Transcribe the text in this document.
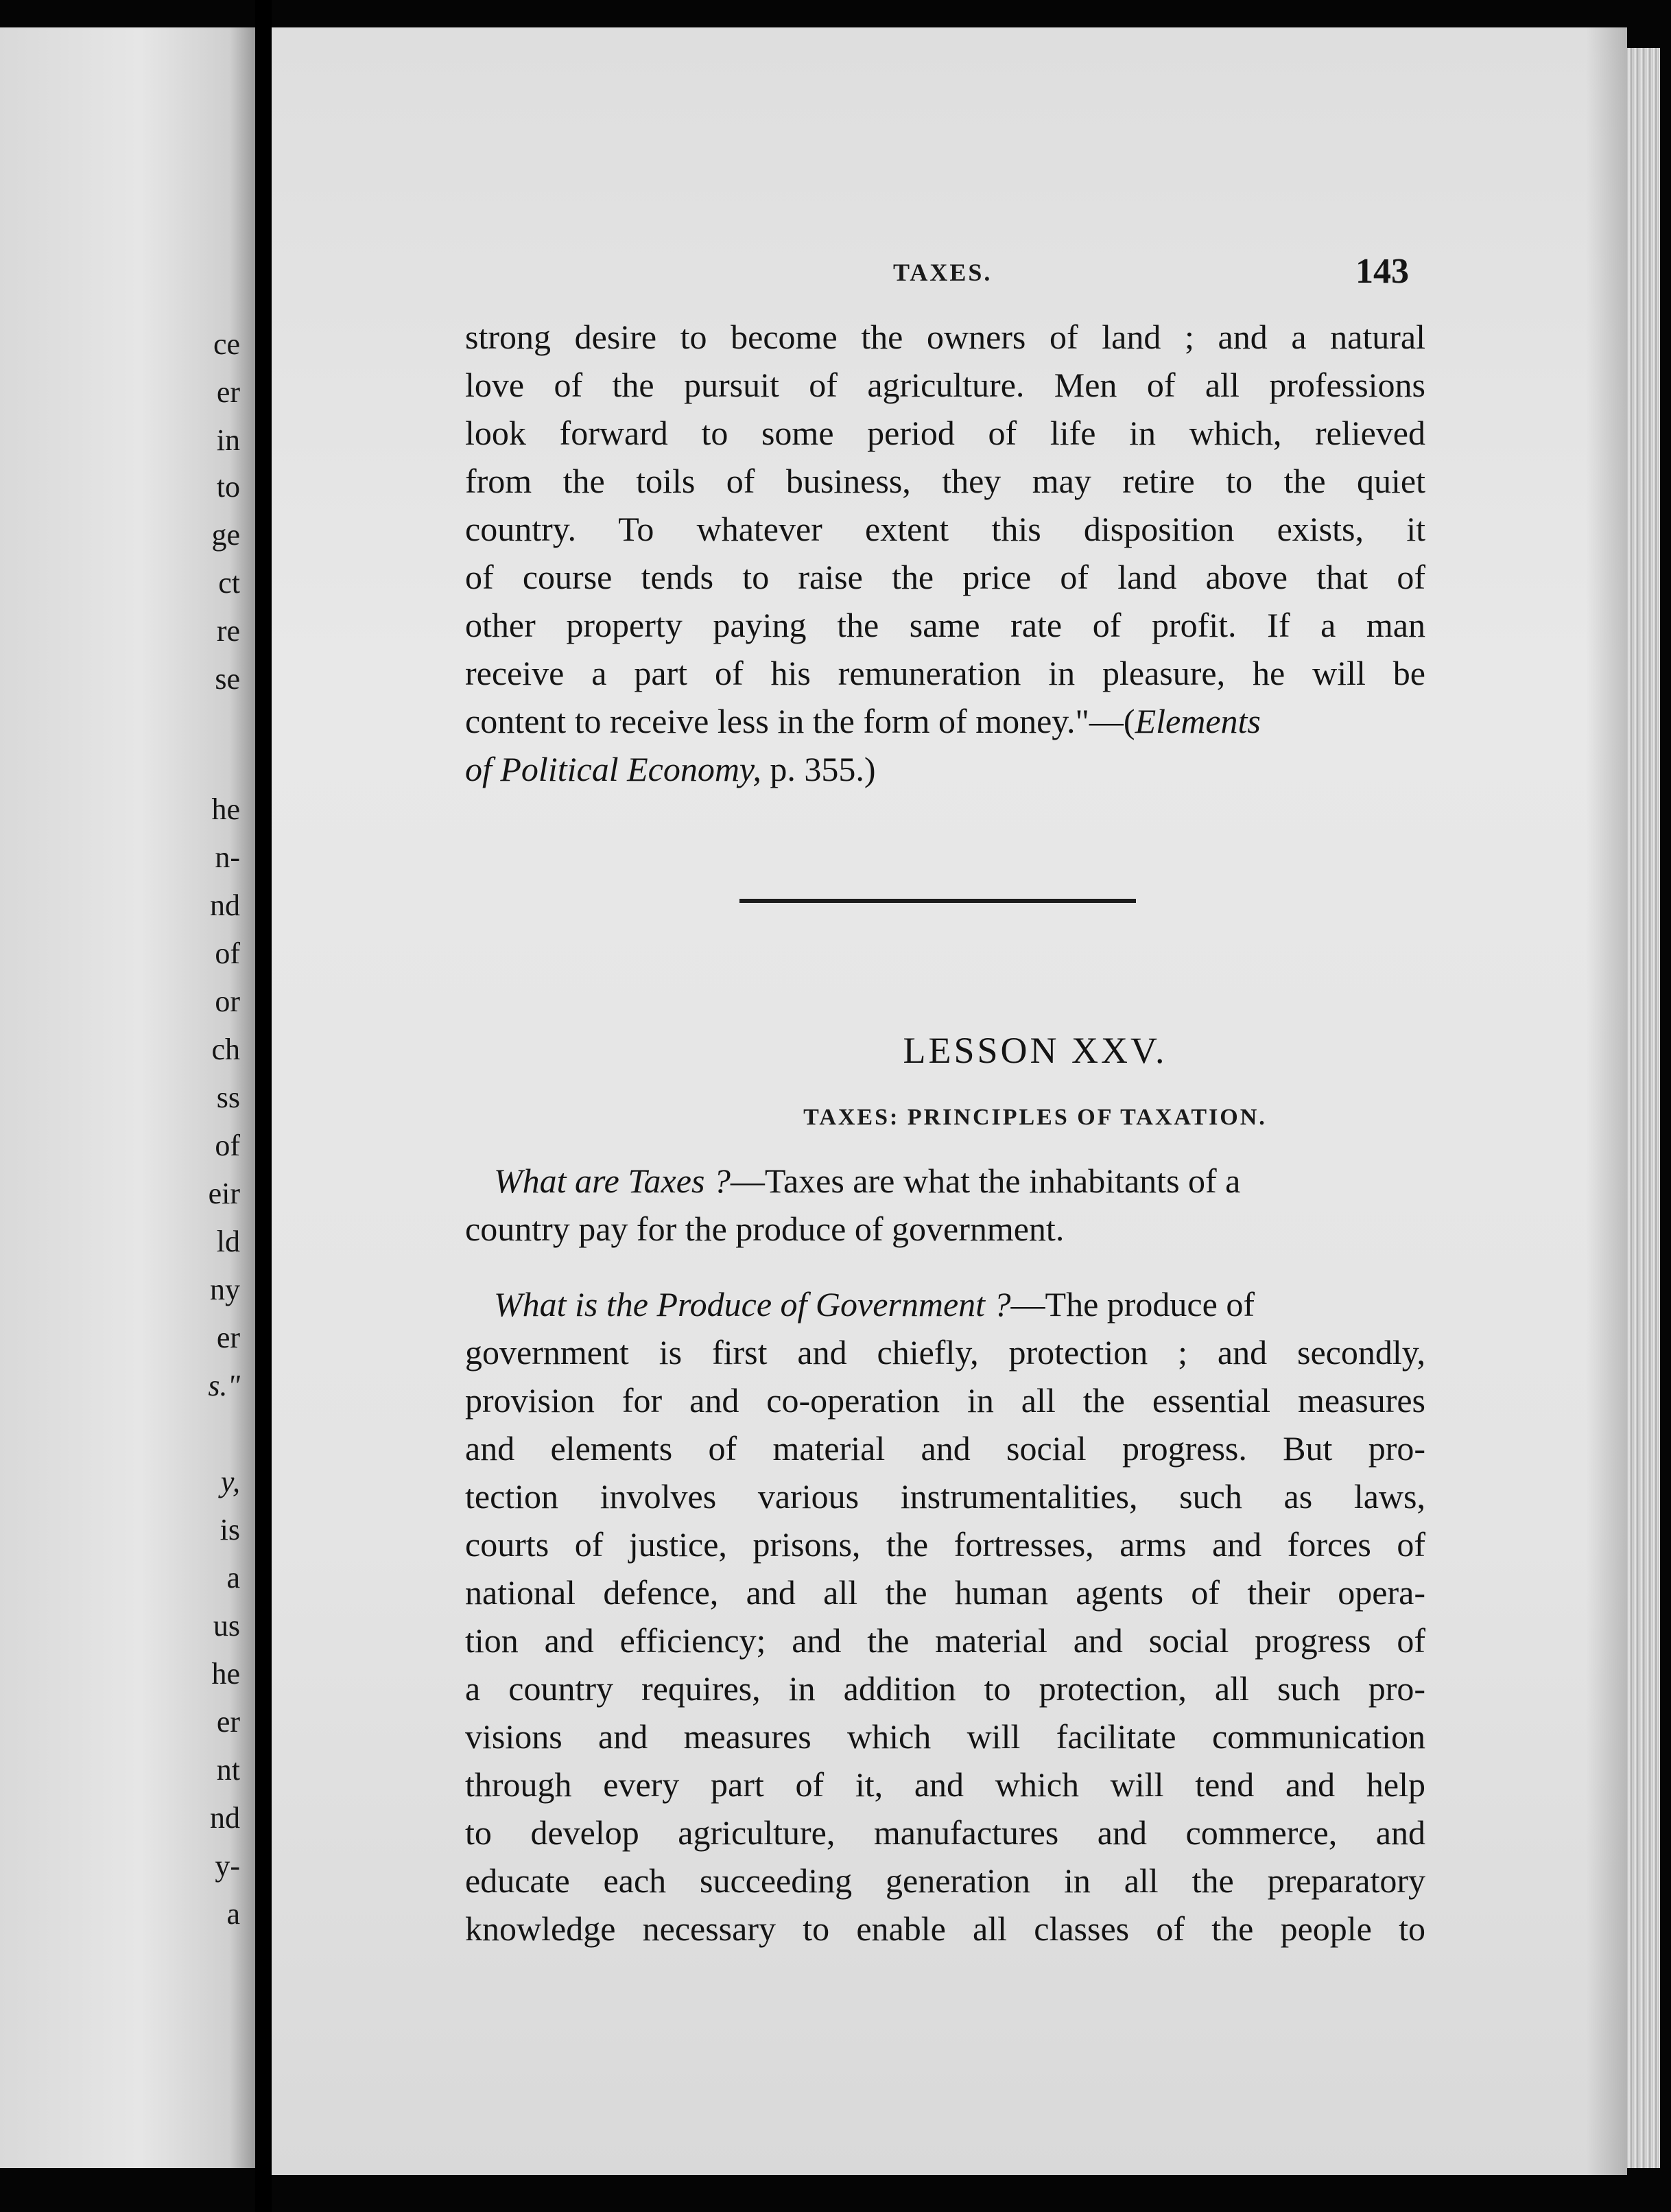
ce
er
in
to
ge
ct
re
se
he
n-
nd
of
or
ch
ss
of
eir
ld
ny
er
s."
y,
is
a
us
he
er
nt
nd
y-
a
TAXES.	143
strong desire to become the owners of land ; and a natural
love of the pursuit of agriculture. Men of all professions
look forward to some period of life in which, relieved
from the toils of business, they may retire to the quiet
country. To whatever extent this disposition exists, it
of course tends to raise the price of land above that of
other property paying the same rate of profit. If a man
receive a part of his remuneration in pleasure, he will be
content to receive less in the form of money."—(Elements
of Political Economy, p. 355.)
LESSON XXV.
TAXES: PRINCIPLES OF TAXATION.
What are Taxes ?—Taxes are what the inhabitants of a
country pay for the produce of government.
What is the Produce of Government ?—The produce of
government is first and chiefly, protection ; and secondly,
provision for and co-operation in all the essential measures
and elements of material and social progress. But pro-
tection involves various instrumentalities, such as laws,
courts of justice, prisons, the fortresses, arms and forces of
national defence, and all the human agents of their opera-
tion and efficiency; and the material and social progress of
a country requires, in addition to protection, all such pro-
visions and measures which will facilitate communication
through every part of it, and which will tend and help
to develop agriculture, manufactures and commerce, and
educate each succeeding generation in all the preparatory
knowledge necessary to enable all classes of the people to
